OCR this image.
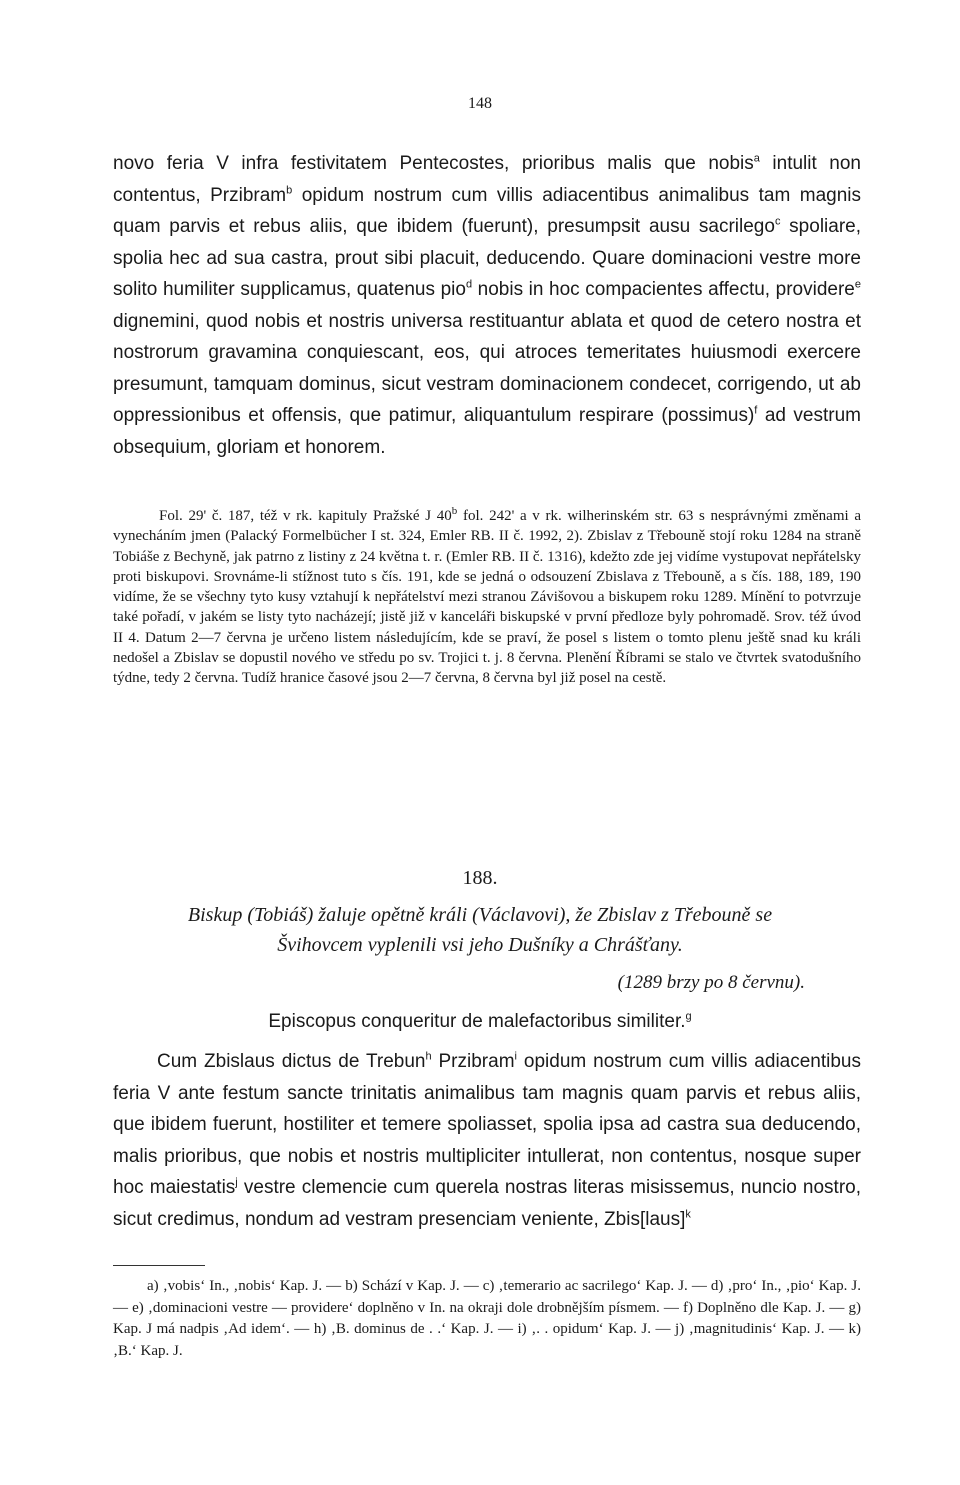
148

novo feria V infra festivitatem Pentecostes, prioribus malis que nobis$^a$ intulit non contentus, Przibram$^b$ opidum nostrum cum villis adiacentibus animalibus tam magnis quam parvis et rebus aliis, que ibidem (fuerunt), presumpsit ausu sacrilego$^c$ spoliare, spolia hec ad sua castra, prout sibi placuit, deducendo. Quare dominacioni vestre more solito humiliter supplicamus, quatenus pio$^d$ nobis in hoc compacientes affectu, providere$^e$ dignemini, quod nobis et nostris universa restituantur ablata et quod de cetero nostra et nostrorum gravamina conquiescant, eos, qui atroces temeritates huiusmodi exercere presumunt, tamquam dominus, sicut vestram dominacionem condecet, corrigendo, ut ab oppressionibus et offensis, que patimur, aliquantulum respirare (possimus)$^f$ ad vestrum obsequium, gloriam et honorem.

Fol. 29' č. 187, též v rk. kapituly Pražské J 40$^b$ fol. 242' a v rk. wilherinském str. 63 s nesprávnými změnami a vynecháním jmen (Palacký Formelbücher I st. 324, Emler RB. II č. 1992, 2). Zbislav z Třebouně stojí roku 1284 na straně Tobiáše z Bechyně, jak patrno z listiny z 24 května t. r. (Emler RB. II č. 1316), kdežto zde jej vidíme vystupovat nepřátelsky proti biskupovi. Srovnáme-li stížnost tuto s čís. 191, kde se jedná o odsouzení Zbislava z Třebouně, a s čís. 188, 189, 190 vidíme, že se všechny tyto kusy vztahují k nepřátelství mezi stranou Závišovou a biskupem roku 1289. Mínění to potvrzuje také pořadí, v jakém se listy tyto nacházejí; jistě již v kanceláři biskupské v první předloze byly pohromadě. Srov. též úvod II 4. Datum 2—7 června je určeno listem následujícím, kde se praví, že posel s listem o tomto plenu ještě snad ku králi nedošel a Zbislav se dopustil nového ve středu po sv. Trojici t. j. 8 června. Plenění Říbrami se stalo ve čtvrtek svatodušního týdne, tedy 2 června. Tudíž hranice časové jsou 2—7 června, 8 června byl již posel na cestě.

188.
Biskup (Tobiáš) žaluje opětně králi (Václavovi), že Zbislav z Třebouně se
Švihovcem vyplenili vsi jeho Dušníky a Chrášťany.
(1289 brzy po 8 červnu).
Episcopus conqueritur de malefactoribus similiter.$^g$

Cum Zbislaus dictus de Trebun$^h$ Przibram$^i$ opidum nostrum cum villis adiacentibus feria V ante festum sancte trinitatis animalibus tam magnis quam parvis et rebus aliis, que ibidem fuerunt, hostiliter et temere spoliasset, spolia ipsa ad castra sua deducendo, malis prioribus, que nobis et nostris multipliciter intullerat, non contentus, nosque super hoc maiestatis$^j$ vestre clemencie cum querela nostras literas misissemus, nuncio nostro, sicut credimus, nondum ad vestram presenciam veniente, Zbis[laus]$^k$

a) ‚vobis‘ In., ‚nobis‘ Kap. J. — b) Schází v Kap. J. — c) ‚temerario ac sacrilego‘ Kap. J. — d) ‚pro‘ In., ‚pio‘ Kap. J. — e) ‚dominacioni vestre — providere‘ doplněno v In. na okraji dole drobnějším písmem. — f) Doplněno dle Kap. J. — g) Kap. J má nadpis ‚Ad idem‘. — h) ‚B. dominus de . .‘ Kap. J. — i) ‚. . opidum‘ Kap. J. — j) ‚magnitudinis‘ Kap. J. — k) ‚B.‘ Kap. J.
